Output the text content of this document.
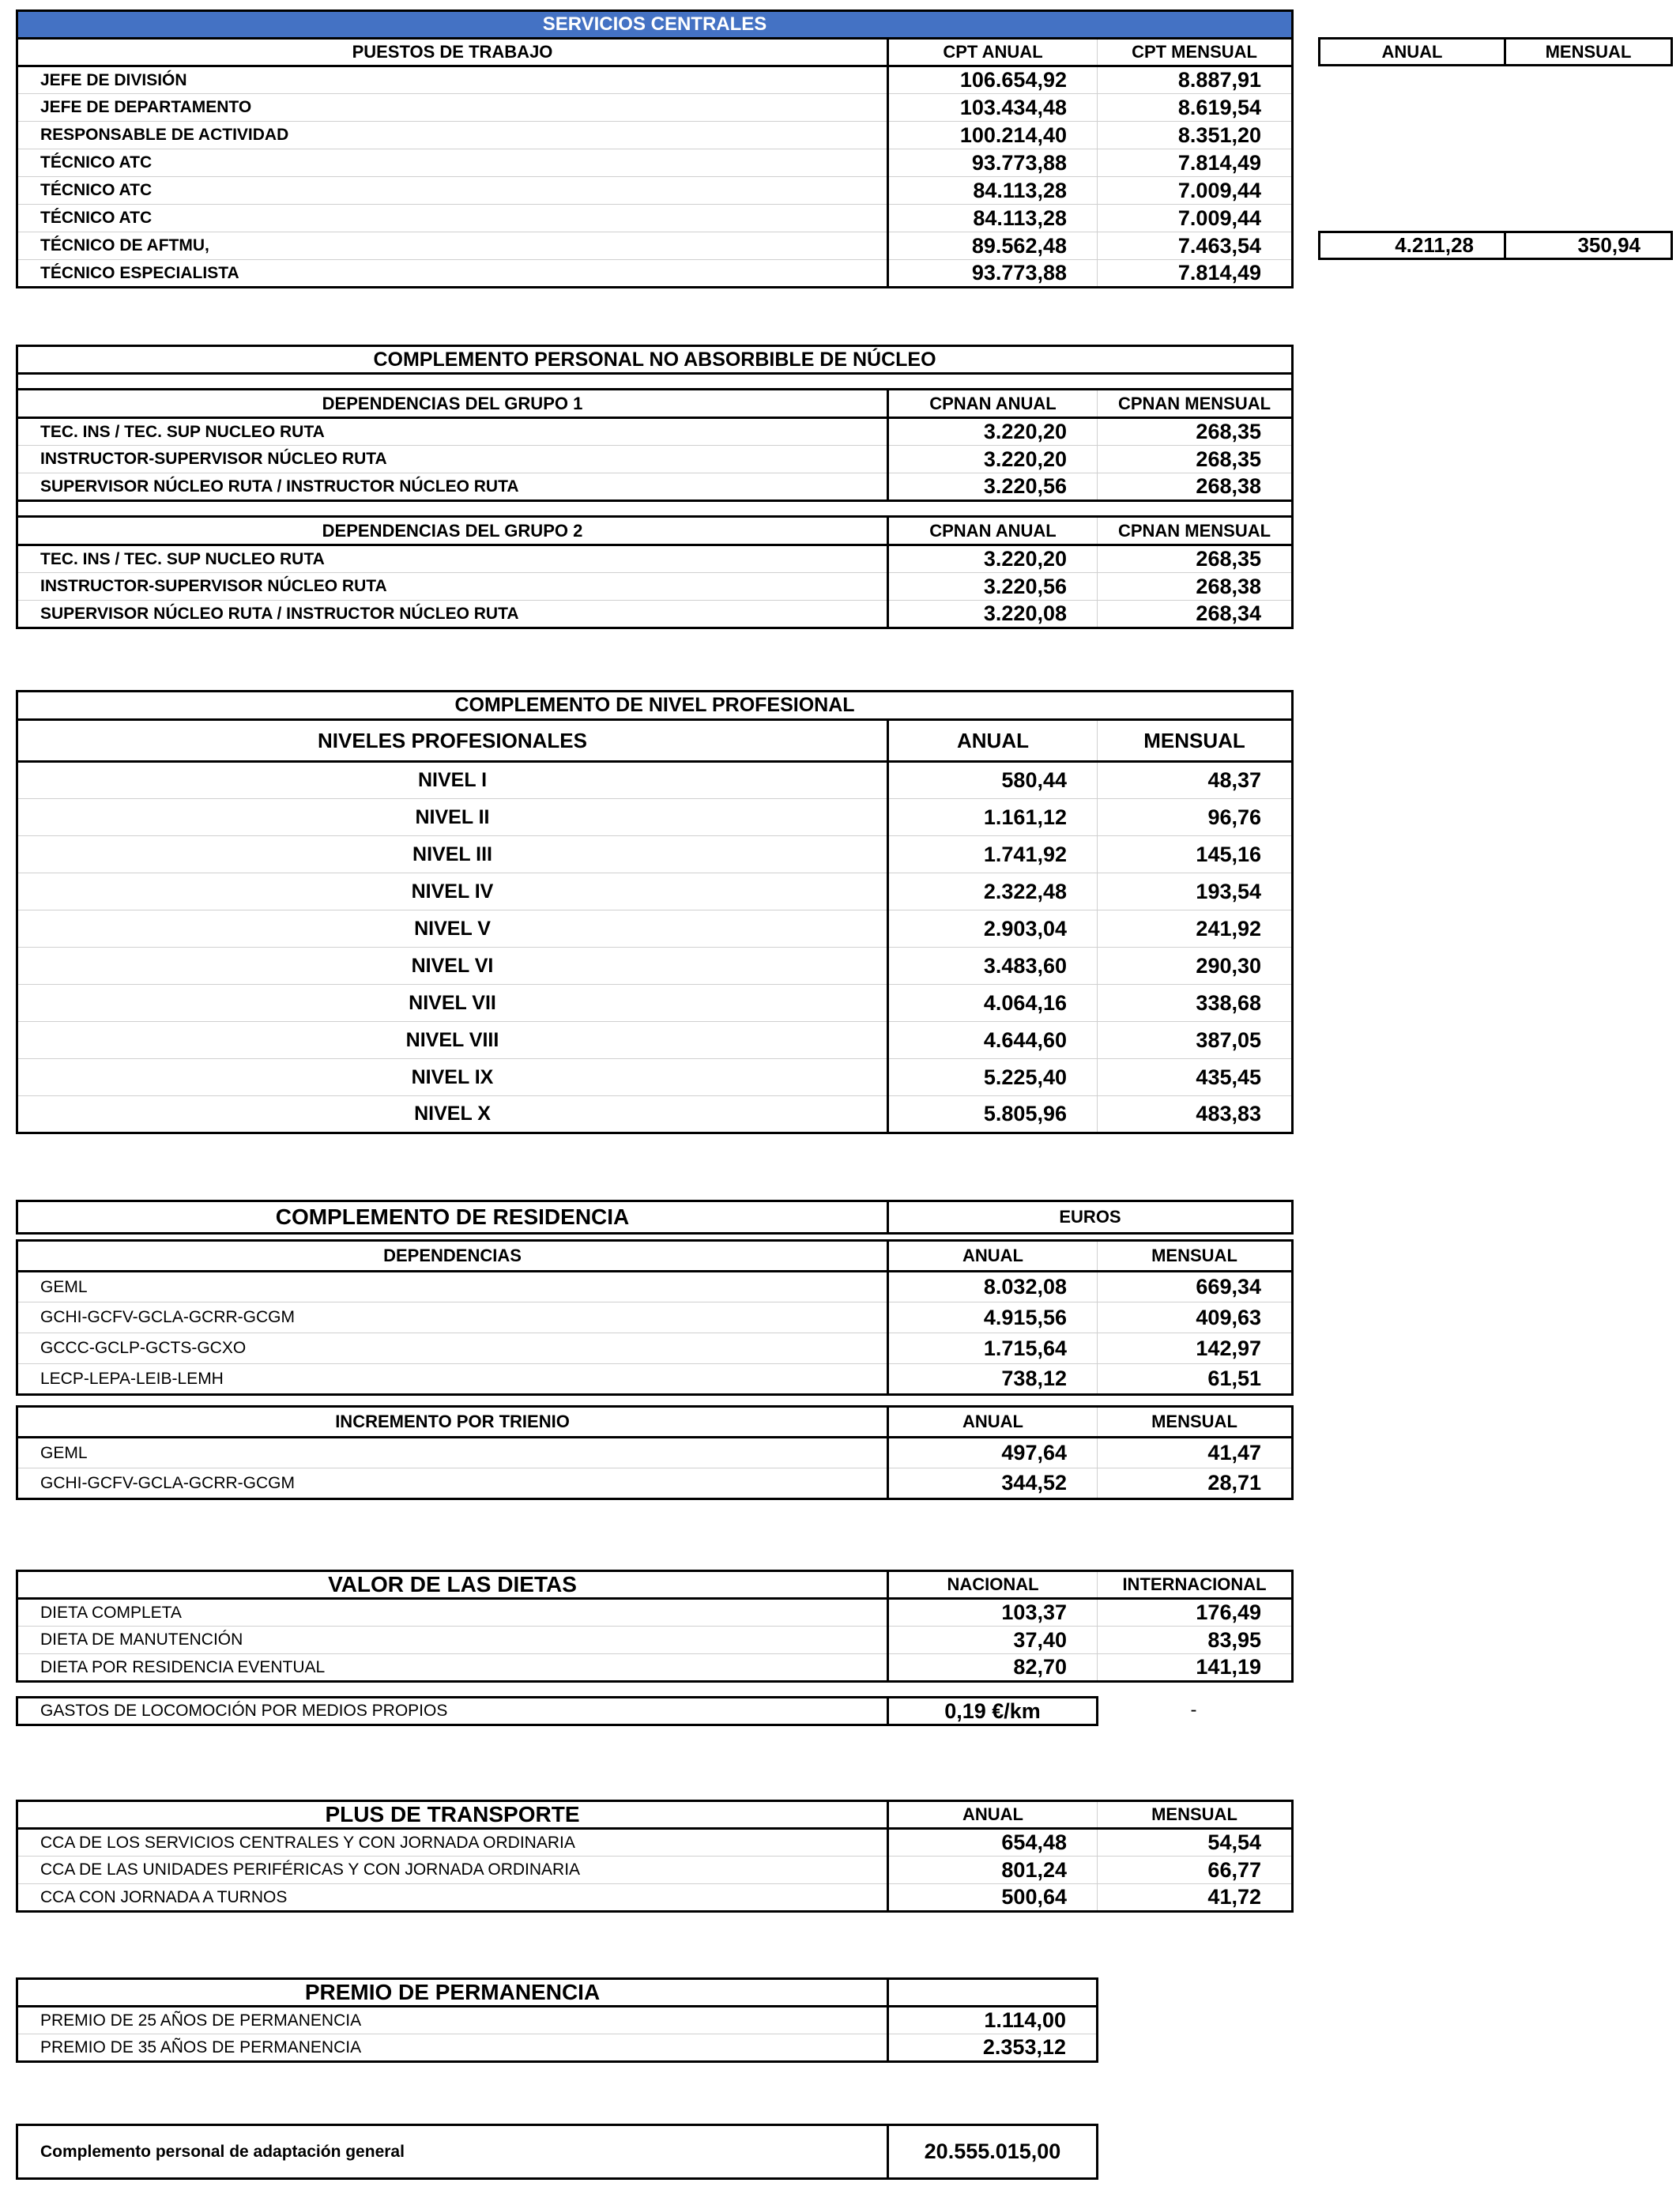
SERVICIOS CENTRALES		
PUESTOS DE TRABAJO	CPT ANUAL	CPT MENSUAL
JEFE DE DIVISIÓN	106.654,92	8.887,91
JEFE DE DEPARTAMENTO	103.434,48	8.619,54
RESPONSABLE DE ACTIVIDAD	100.214,40	8.351,20
TÉCNICO ATC	93.773,88	7.814,49
TÉCNICO ATC	84.113,28	7.009,44
TÉCNICO ATC	84.113,28	7.009,44
TÉCNICO DE AFTMU,	89.562,48	7.463,54
TÉCNICO ESPECIALISTA	93.773,88	7.814,49
ANUAL	MENSUAL
4.211,28	350,94
COMPLEMENTO PERSONAL NO ABSORBIBLE DE NÚCLEO		

DEPENDENCIAS DEL GRUPO 1	CPNAN ANUAL	CPNAN MENSUAL
TEC. INS / TEC. SUP NUCLEO RUTA	3.220,20	268,35
INSTRUCTOR-SUPERVISOR NÚCLEO RUTA	3.220,20	268,35
SUPERVISOR NÚCLEO RUTA / INSTRUCTOR NÚCLEO RUTA	3.220,56	268,38

DEPENDENCIAS DEL GRUPO 2	CPNAN ANUAL	CPNAN MENSUAL
TEC. INS / TEC. SUP NUCLEO RUTA	3.220,20	268,35
INSTRUCTOR-SUPERVISOR NÚCLEO RUTA	3.220,56	268,38
SUPERVISOR NÚCLEO RUTA / INSTRUCTOR NÚCLEO RUTA	3.220,08	268,34
COMPLEMENTO DE NIVEL PROFESIONAL		
NIVELES PROFESIONALES	ANUAL	MENSUAL
NIVEL I	580,44	48,37
NIVEL II	1.161,12	96,76
NIVEL III	1.741,92	145,16
NIVEL IV	2.322,48	193,54
NIVEL V	2.903,04	241,92
NIVEL VI	3.483,60	290,30
NIVEL VII	4.064,16	338,68
NIVEL VIII	4.644,60	387,05
NIVEL IX	5.225,40	435,45
NIVEL X	5.805,96	483,83
COMPLEMENTO DE RESIDENCIA	EUROS
DEPENDENCIAS	ANUAL	MENSUAL
GEML	8.032,08	669,34
GCHI-GCFV-GCLA-GCRR-GCGM	4.915,56	409,63
GCCC-GCLP-GCTS-GCXO	1.715,64	142,97
LECP-LEPA-LEIB-LEMH	738,12	61,51
INCREMENTO POR TRIENIO	ANUAL	MENSUAL
GEML	497,64	41,47
GCHI-GCFV-GCLA-GCRR-GCGM	344,52	28,71
VALOR DE LAS DIETAS	NACIONAL	INTERNACIONAL
DIETA COMPLETA	103,37	176,49
DIETA DE MANUTENCIÓN	37,40	83,95
DIETA POR RESIDENCIA EVENTUAL	82,70	141,19
GASTOS DE LOCOMOCIÓN POR MEDIOS PROPIOS	0,19 €/km	-
PLUS DE TRANSPORTE	ANUAL	MENSUAL
CCA DE LOS SERVICIOS CENTRALES Y CON JORNADA ORDINARIA	654,48	54,54
CCA DE LAS UNIDADES PERIFÉRICAS Y CON JORNADA ORDINARIA	801,24	66,77
CCA CON JORNADA A TURNOS	500,64	41,72
PREMIO DE PERMANENCIA	
PREMIO DE 25 AÑOS DE PERMANENCIA	1.114,00
PREMIO DE 35 AÑOS DE PERMANENCIA	2.353,12
Complemento personal de adaptación general	20.555.015,00
